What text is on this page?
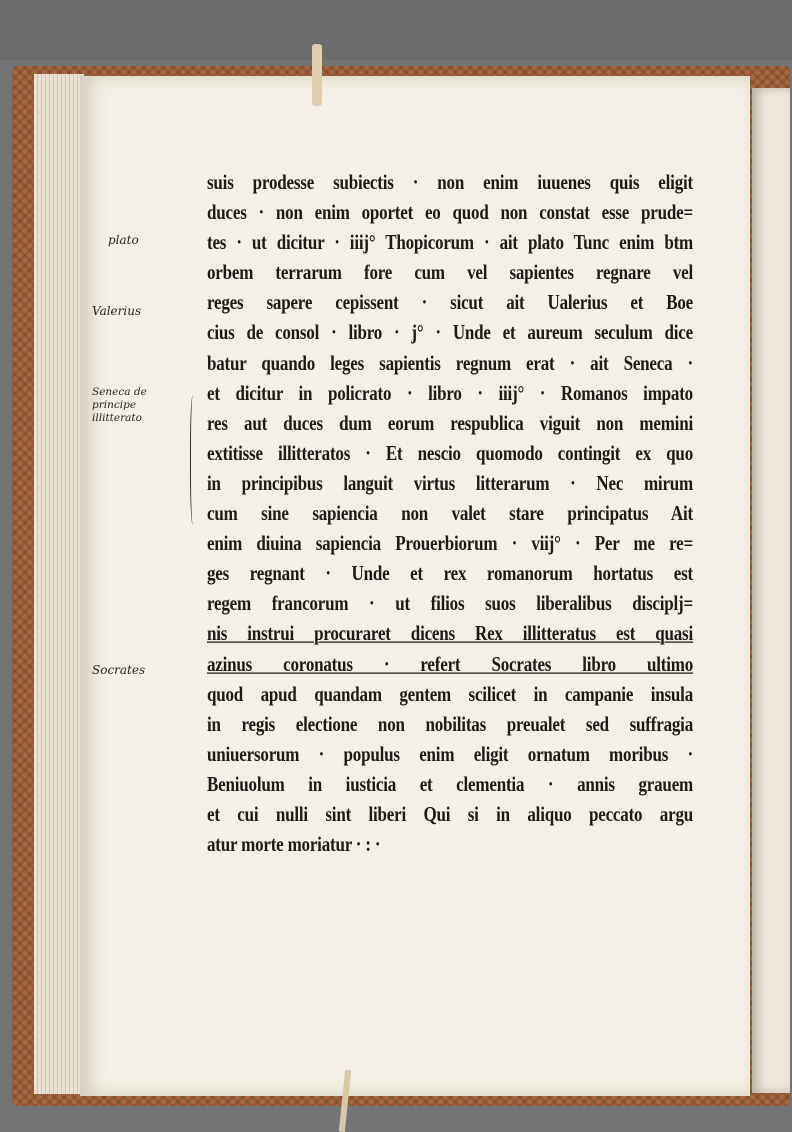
plato
Valerius
Seneca de principe illitterato
Socrates
suis prodesse subiectis · non enim iuuenes quis eligit
duces · non enim oportet eo quod non constat esse prude=
tes · ut dicitur · iiij° Thopicorum · ait plato Tunc enim btm
orbem terrarum fore cum vel sapientes regnare vel
reges sapere cepissent · sicut ait Ualerius et Boe
cius de consol · libro · j° · Unde et aureum seculum dice
batur quando leges sapientis regnum erat · ait Seneca ·
et dicitur in policrato · libro · iiij° · Romanos impato
res aut duces dum eorum respublica viguit non memini
extitisse illitteratos · Et nescio quomodo contingit ex quo
in principibus languit virtus litterarum · Nec mirum
cum sine sapiencia non valet stare principatus Ait
enim diuina sapiencia Prouerbiorum · viij° · Per me re=
ges regnant · Unde et rex romanorum hortatus est
regem francorum · ut filios suos liberalibus disciplj=
nis instrui procuraret dicens Rex illitteratus est quasi
azinus coronatus · refert Socrates libro ultimo
quod apud quandam gentem scilicet in campanie insula
in regis electione non nobilitas preualet sed suffragia
uniuersorum · populus enim eligit ornatum moribus ·
Beniuolum in iusticia et clementia · annis grauem
et cui nulli sint liberi Qui si in aliquo peccato argu
atur morte moriatur · : ·
